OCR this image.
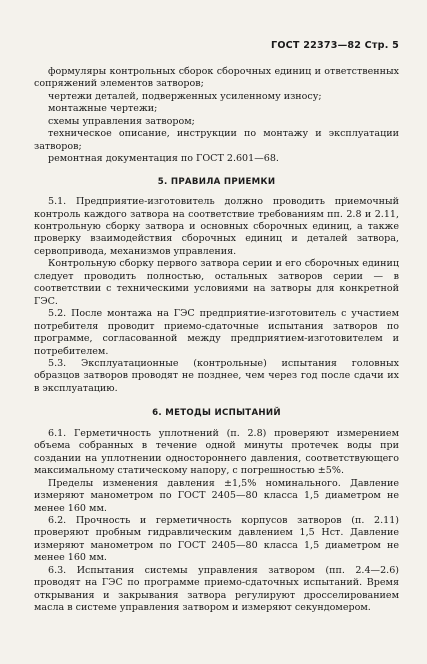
ГОСТ 22373—82 Стр. 5

формуляры контрольных сборок сборочных единиц и ответственных сопряжений элементов затворов;

чертежи деталей, подверженных усиленному износу;

монтажные чертежи;

схемы управления затвором;

техническое описание, инструкции по монтажу и эксплуатации затворов;

ремонтная документация по ГОСТ 2.601—68.

5. ПРАВИЛА ПРИЕМКИ

5.1. Предприятие-изготовитель должно проводить приемочный контроль каждого затвора на соответствие требованиям пп. 2.8 и 2.11, контрольную сборку затвора и основных сборочных единиц, а также проверку взаимодействия сборочных единиц и деталей затвора, сервопривода, механизмов управления.

Контрольную сборку первого затвора серии и его сборочных единиц следует проводить полностью, остальных затворов серии — в соответствии с техническими условиями на затворы для конкретной ГЭС.

5.2. После монтажа на ГЭС предприятие-изготовитель с участием потребителя проводит приемо-сдаточные испытания затворов по программе, согласованной между предприятием-изготовителем и потребителем.

5.3. Эксплуатационные (контрольные) испытания головных образцов затворов проводят не позднее, чем через год после сдачи их в эксплуатацию.

6. МЕТОДЫ ИСПЫТАНИЙ

6.1. Герметичность уплотнений (п. 2.8) проверяют измерением объема собранных в течение одной минуты протечек воды при создании на уплотнении одностороннего давления, соответствующего максимальному статическому напору, с погрешностью ±5%.

Пределы изменения давления ±1,5% номинального. Давление измеряют манометром по ГОСТ 2405—80 класса 1,5 диаметром не менее 160 мм.

6.2. Прочность и герметичность корпусов затворов (п. 2.11) проверяют пробным гидравлическим давлением 1,5 Hст. Давление измеряют манометром по ГОСТ 2405—80 класса 1,5 диаметром не менее 160 мм.

6.3. Испытания системы управления затвором (пп. 2.4—2.6) проводят на ГЭС по программе приемо-сдаточных испытаний. Время открывания и закрывания затвора регулируют дросселированием масла в системе управления затвором и измеряют секундомером.
